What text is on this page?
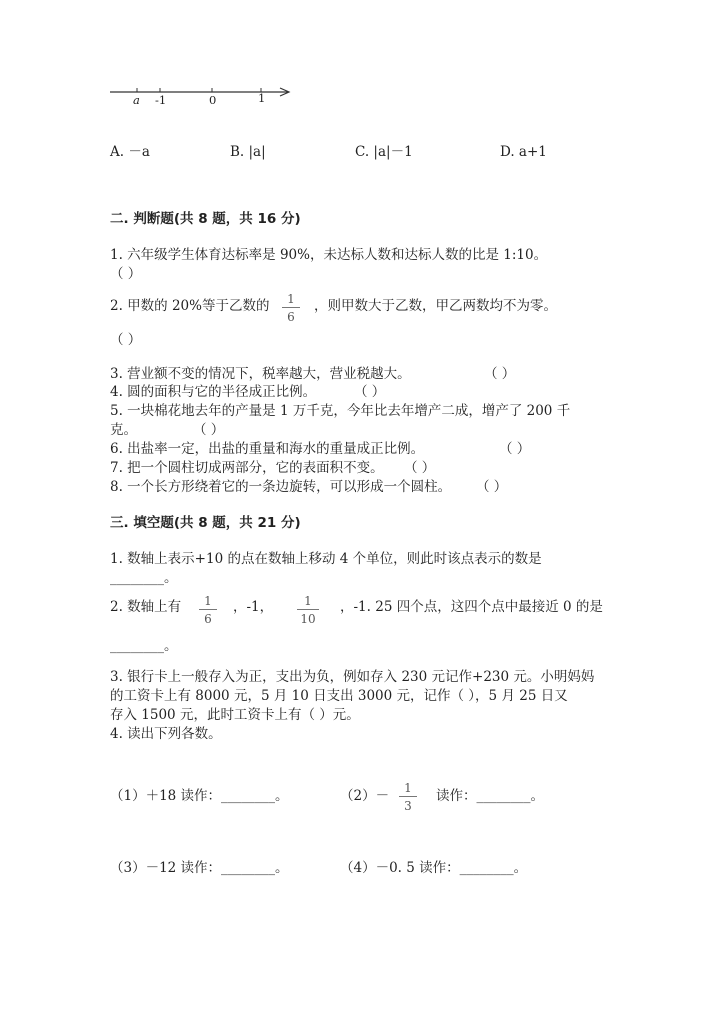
a -1	0	1
A. －a	B. |a|	C. |a|－1	D. a+1
二. 判断题(共 8 题，共 16 分)
1. 六年级学生体育达标率是 90%，未达标人数和达标人数的比是 1:10。
（ ）
2. 甲数的 20%等于乙数的 $\frac{1}{6}$ ，则甲数大于乙数，甲乙两数均不为零。
（ ）
3. 营业额不变的情况下，税率越大，营业税越大。	（ ）
4. 圆的面积与它的半径成正比例。	（ ）
5. 一块棉花地去年的产量是 1 万千克，今年比去年增产二成，增产了 200 千
克。	（ ）
6. 出盐率一定，出盐的重量和海水的重量成正比例。	（ ）
7. 把一个圆柱切成两部分，它的表面积不变。 （ ）
8. 一个长方形绕着它的一条边旋转，可以形成一个圆柱。 （ ）
三. 填空题(共 8 题，共 21 分)
1. 数轴上表示+10 的点在数轴上移动 4 个单位，则此时该点表示的数是
________。
2. 数轴上有 $\frac{1}{6}$ ，-1， $\frac{1}{10}$ ，-1. 25 四个点，这四个点中最接近 0 的是
________。
3. 银行卡上一般存入为正，支出为负，例如存入 230 元记作+230 元。小明妈妈
的工资卡上有 8000 元，5 月 10 日支出 3000 元，记作（ ），5 月 25 日又
存入 1500 元，此时工资卡上有（ ）元。
4. 读出下列各数。
（1）＋18 读作：________。	$(2)- \frac{1}{3}$ 读作：________。
（3）－12 读作：________。	（4）－0. 5 读作：________。
